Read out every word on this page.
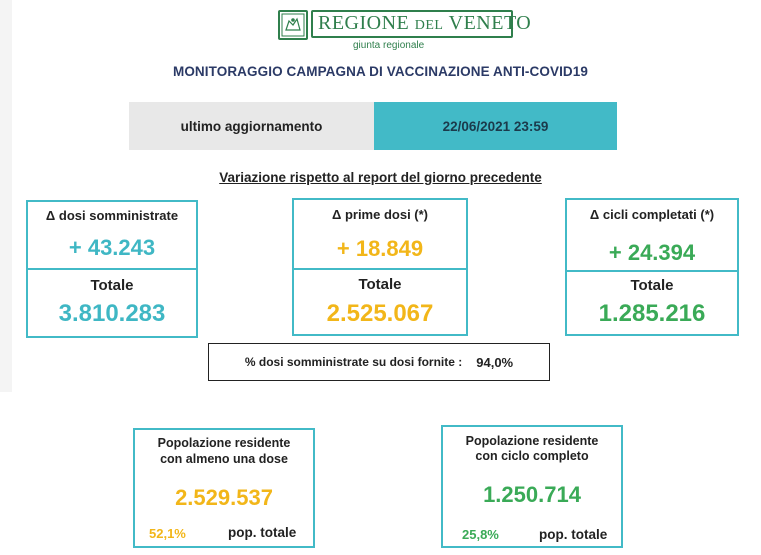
REGIONE DEL VENETO
giunta regionale
MONITORAGGIO CAMPAGNA DI VACCINAZIONE ANTI-COVID19
ultimo aggiornamento	22/06/2021 23:59
Variazione rispetto al report del giorno precedente
Δ dosi somministrate
+ 43.243
Totale
3.810.283
Δ prime dosi (*)
+ 18.849
Totale
2.525.067
Δ cicli completati (*)
+ 24.394
Totale
1.285.216
% dosi somministrate su dosi fornite : 94,0%
Popolazione residente
con almeno una dose
2.529.537
52,1%	pop. totale
Popolazione residente
con ciclo completo
1.250.714
25,8%	pop. totale
